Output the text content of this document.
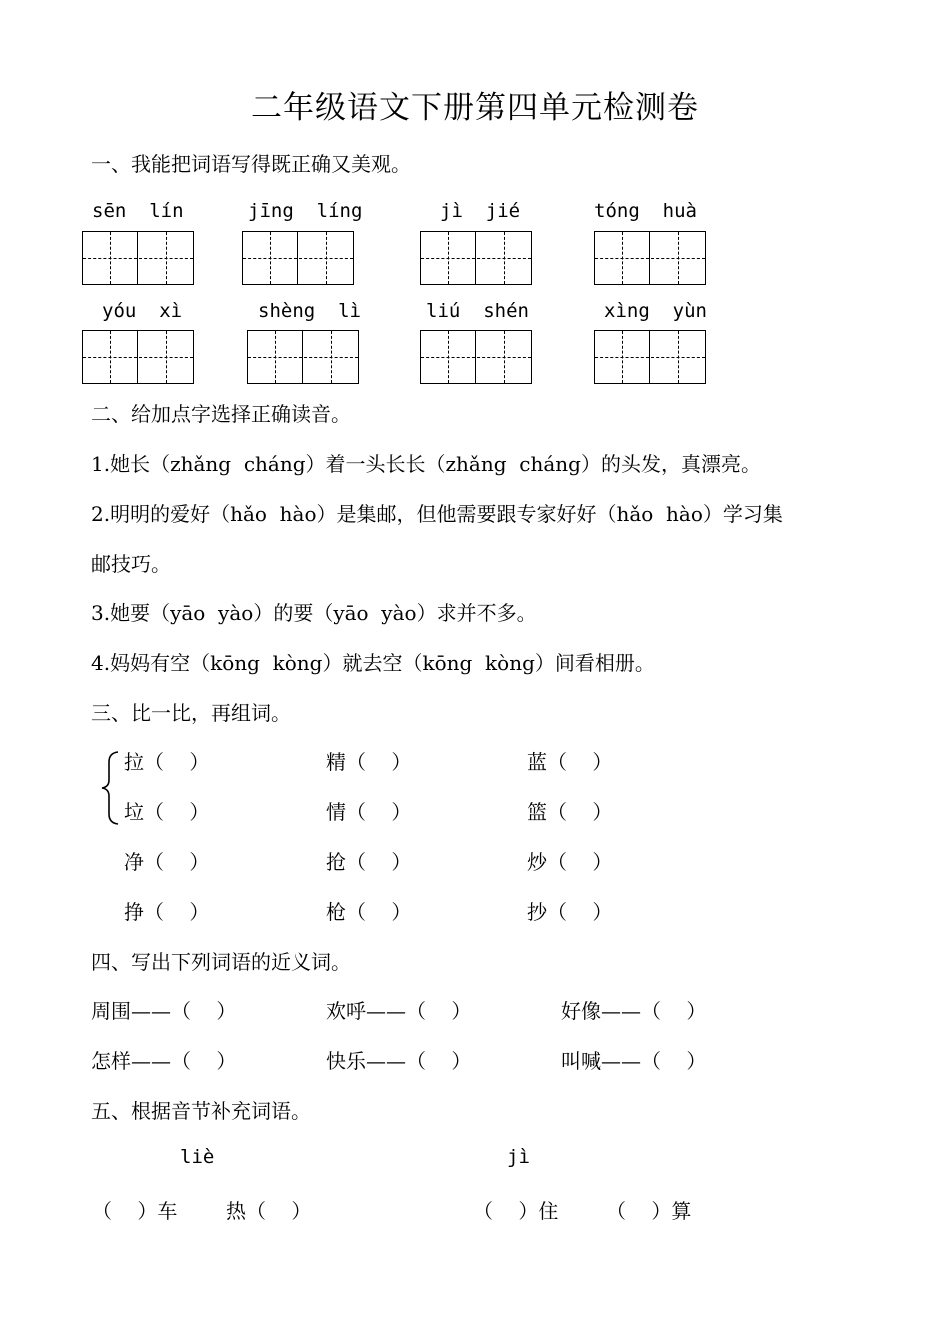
二年级语文下册第四单元检测卷
一、我能把词语写得既正确又美观。
sēn  lín	jīng  líng	jì  jié	tóng  huà
yóu  xì	shèng  lì	liú  shén	xìng  yùn
二、给加点字选择正确读音。
1.她长（zhǎng  cháng）着一头长长（zhǎng  cháng）的头发，真漂亮。
2.明明的爱好（hǎo  hào）是集邮，但他需要跟专家好好（hǎo  hào）学习集
邮技巧。
3.她要（yāo  yào）的要（yāo  yào）求并不多。
4.妈妈有空（kōng  kòng）就去空（kōng  kòng）间看相册。
三、比一比，再组词。
拉（    ）	精（    ）	蓝（    ）
垃（    ）	情（    ）	篮（    ）
净（    ）	抢（    ）	炒（    ）
挣（    ）	枪（    ）	抄（    ）
四、写出下列词语的近义词。
周围——（    ）	欢呼——（    ）	好像——（    ）
怎样——（    ）	快乐——（    ）	叫喊——（    ）
五、根据音节补充词语。
liè	jì
（    ）车 热（    ）	（    ）住 （    ）算
